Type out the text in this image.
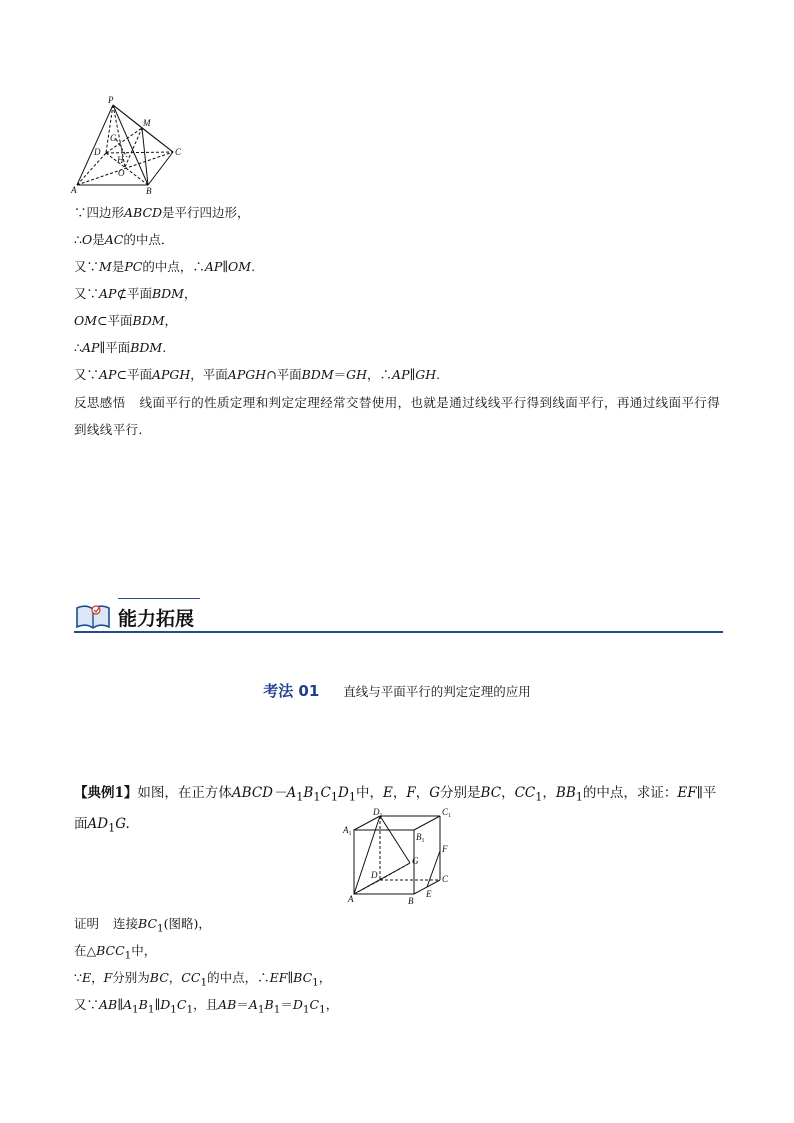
P
M
G
D
H
O
C
A	B
∵四边形ABCD是平行四边形，
∴O是AC的中点．
又∵M是PC的中点，∴AP∥OM.
又∵AP⊄平面BDM，
OM⊂平面BDM，
∴AP∥平面BDM.
又∵AP⊂平面APGH，平面APGH∩平面BDM＝GH，∴AP∥GH.
反思感悟 线面平行的性质定理和判定定理经常交替使用，也就是通过线线平行得到线面平行，再通过线面平行得到线线平行．
能力拓展
考法 01 直线与平面平行的判定定理的应用
【典例1】如图，在正方体$ABCD-A_1B_1C_1D_1$中，E，F，G分别是BC，$CC_1$，$BB_1$的中点，求证：EF∥平面$AD_1G$.
$D_1$	$C_1$
$A_1$	$B_1$
F
G
D	C
E
A	B
证明 连接$BC_1$(图略)，
在$\triangle BCC_1$中，
∵E，F分别为BC，$CC_1$的中点，$\therefore EF\parallel BC_1$，
又$\because AB\parallel A_1B_1\parallel D_1C_1$，且$AB=A_1B_1=D_1C_1$，
